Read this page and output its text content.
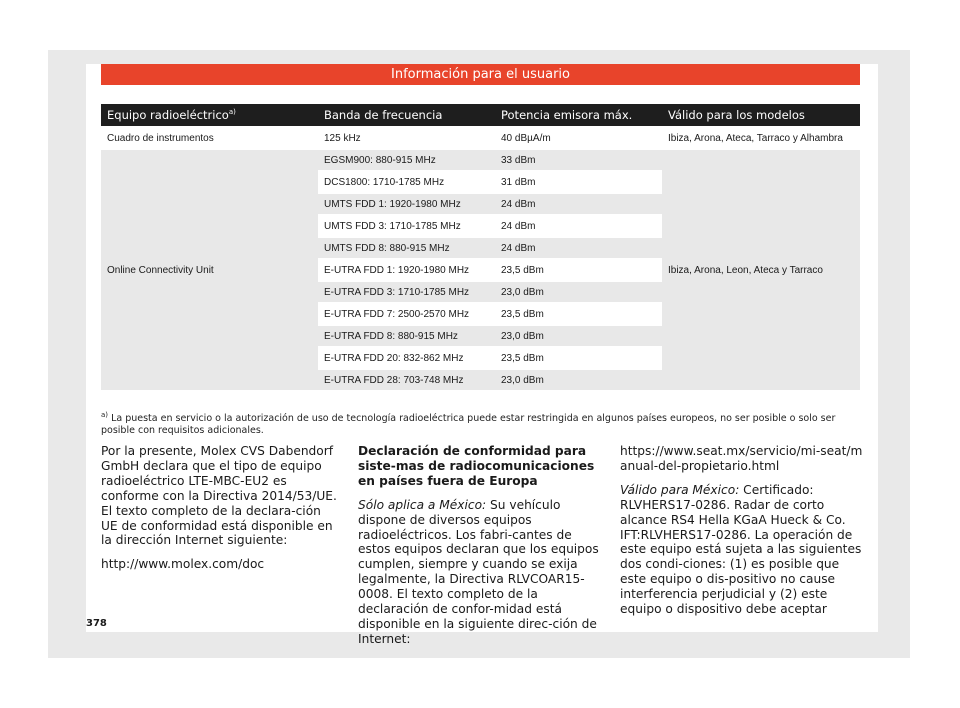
Información para el usuario
Equipo radioeléctrico$^{a)}$	Banda de frecuencia	Potencia emisora máx.	Válido para los modelos
Cuadro de instrumentos	125 kHz	40 dBµA/m	Ibiza, Arona, Ateca, Tarraco y Alhambra
Online Connectivity Unit	EGSM900: 880-915 MHz	33 dBm	Ibiza, Arona, Leon, Ateca y Tarraco
	DCS1800: 1710-1785 MHz	31 dBm	
	UMTS FDD 1: 1920-1980 MHz	24 dBm	
	UMTS FDD 3: 1710-1785 MHz	24 dBm	
	UMTS FDD 8: 880-915 MHz	24 dBm	
	E-UTRA FDD 1: 1920-1980 MHz	23,5 dBm	
	E-UTRA FDD 3: 1710-1785 MHz	23,0 dBm	
	E-UTRA FDD 7: 2500-2570 MHz	23,5 dBm	
	E-UTRA FDD 8: 880-915 MHz	23,0 dBm	
	E-UTRA FDD 20: 832-862 MHz	23,5 dBm	
	E-UTRA FDD 28: 703-748 MHz	23,0 dBm	
$^{a)}$ La puesta en servicio o la autorización de uso de tecnología radioeléctrica puede estar restringida en algunos países europeos, no ser posible o solo ser posible con requisitos adicionales.

Por la presente, Molex CVS Dabendorf GmbH declara que el tipo de equipo radioeléctrico LTE-MBC-EU2 es conforme con la Directiva 2014/53/UE. El texto completo de la declara-ción UE de conformidad está disponible en la dirección Internet siguiente:

http://www.molex.com/doc

Declaración de conformidad para siste-mas de radiocomunicaciones en países fuera de Europa

Sólo aplica a México: Su vehículo dispone de diversos equipos radioeléctricos. Los fabri-cantes de estos equipos declaran que los equipos cumplen, siempre y cuando se exija legalmente, la Directiva RLVCOAR15-0008. El texto completo de la declaración de confor-midad está disponible en la siguiente direc-ción de Internet:

https://www.seat.mx/servicio/mi-seat/manual-del-propietario.html

Válido para México: Certificado: RLVHERS17-0286. Radar de corto alcance RS4 Hella KGaA Hueck & Co. IFT:RLVHERS17-0286. La operación de este equipo está sujeta a las siguientes dos condi-ciones: (1) es posible que este equipo o dis-positivo no cause interferencia perjudicial y (2) este equipo o dispositivo debe aceptar

378
